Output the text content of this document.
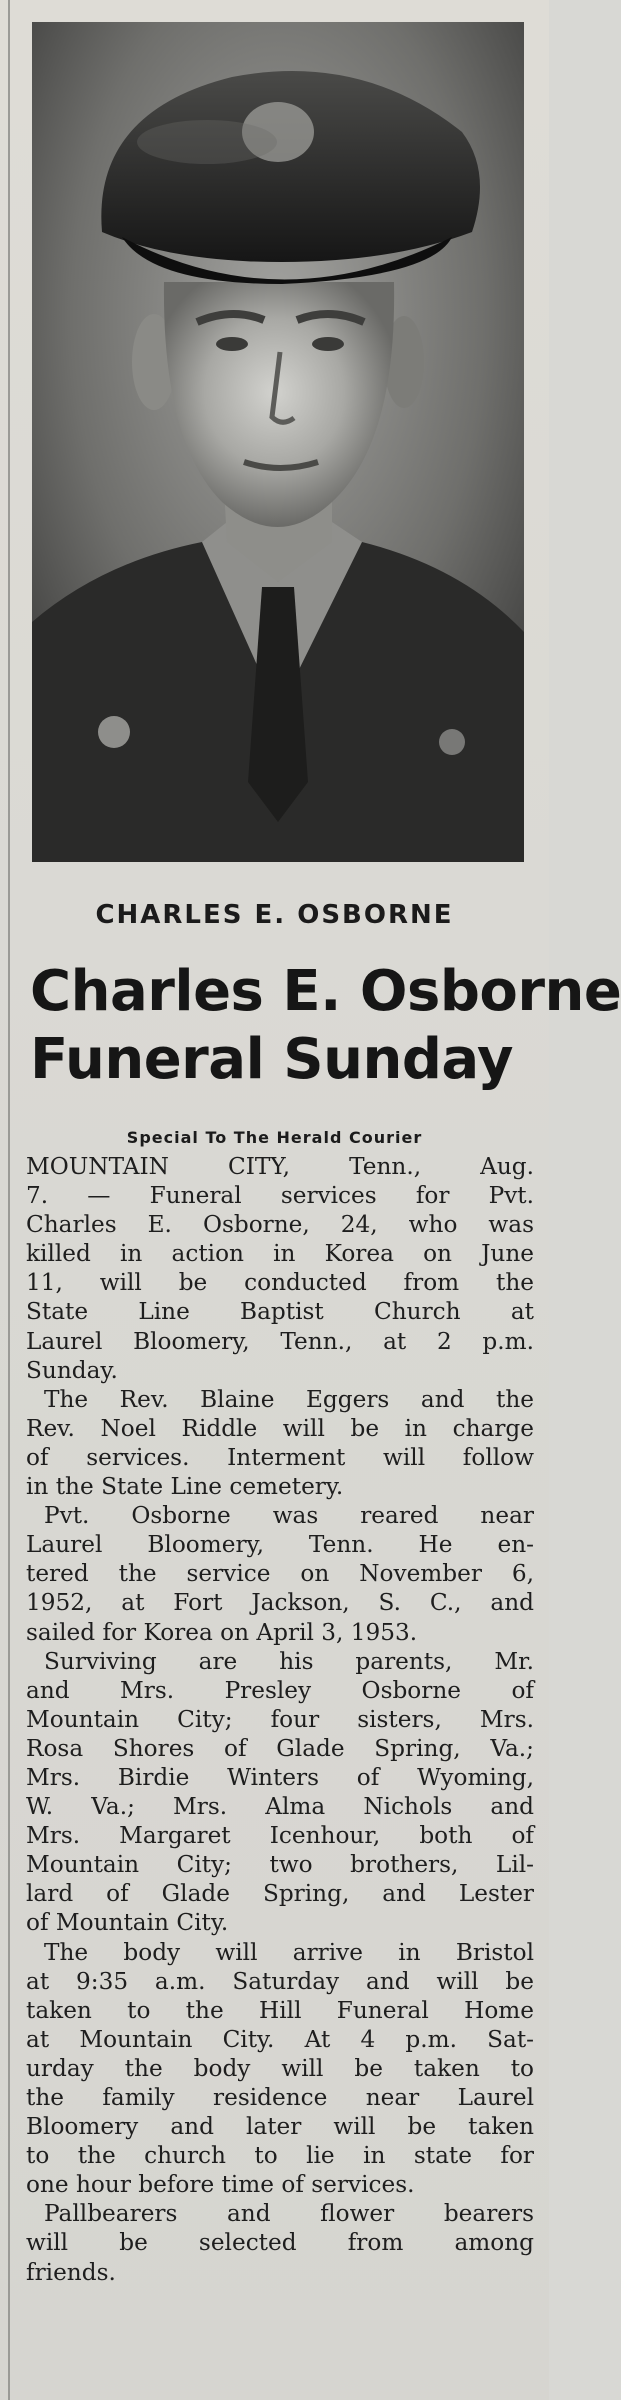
CHARLES E. OSBORNE
Charles E. Osborne
Funeral Sunday
Special To The Herald Courier
MOUNTAIN CITY, Tenn., Aug.
7. — Funeral services for Pvt.
Charles E. Osborne, 24, who was
killed in action in Korea on June
11, will be conducted from the
State Line Baptist Church at
Laurel Bloomery, Tenn., at 2 p.m.
Sunday.
The Rev. Blaine Eggers and the
Rev. Noel Riddle will be in charge
of services. Interment will follow
in the State Line cemetery.
Pvt. Osborne was reared near
Laurel Bloomery, Tenn. He en-
tered the service on November 6,
1952, at Fort Jackson, S. C., and
sailed for Korea on April 3, 1953.
Surviving are his parents, Mr.
and Mrs. Presley Osborne of
Mountain City; four sisters, Mrs.
Rosa Shores of Glade Spring, Va.;
Mrs. Birdie Winters of Wyoming,
W. Va.; Mrs. Alma Nichols and
Mrs. Margaret Icenhour, both of
Mountain City; two brothers, Lil-
lard of Glade Spring, and Lester
of Mountain City.
The body will arrive in Bristol
at 9:35 a.m. Saturday and will be
taken to the Hill Funeral Home
at Mountain City. At 4 p.m. Sat-
urday the body will be taken to
the family residence near Laurel
Bloomery and later will be taken
to the church to lie in state for
one hour before time of services.
Pallbearers and flower bearers
will be selected from among
friends.
